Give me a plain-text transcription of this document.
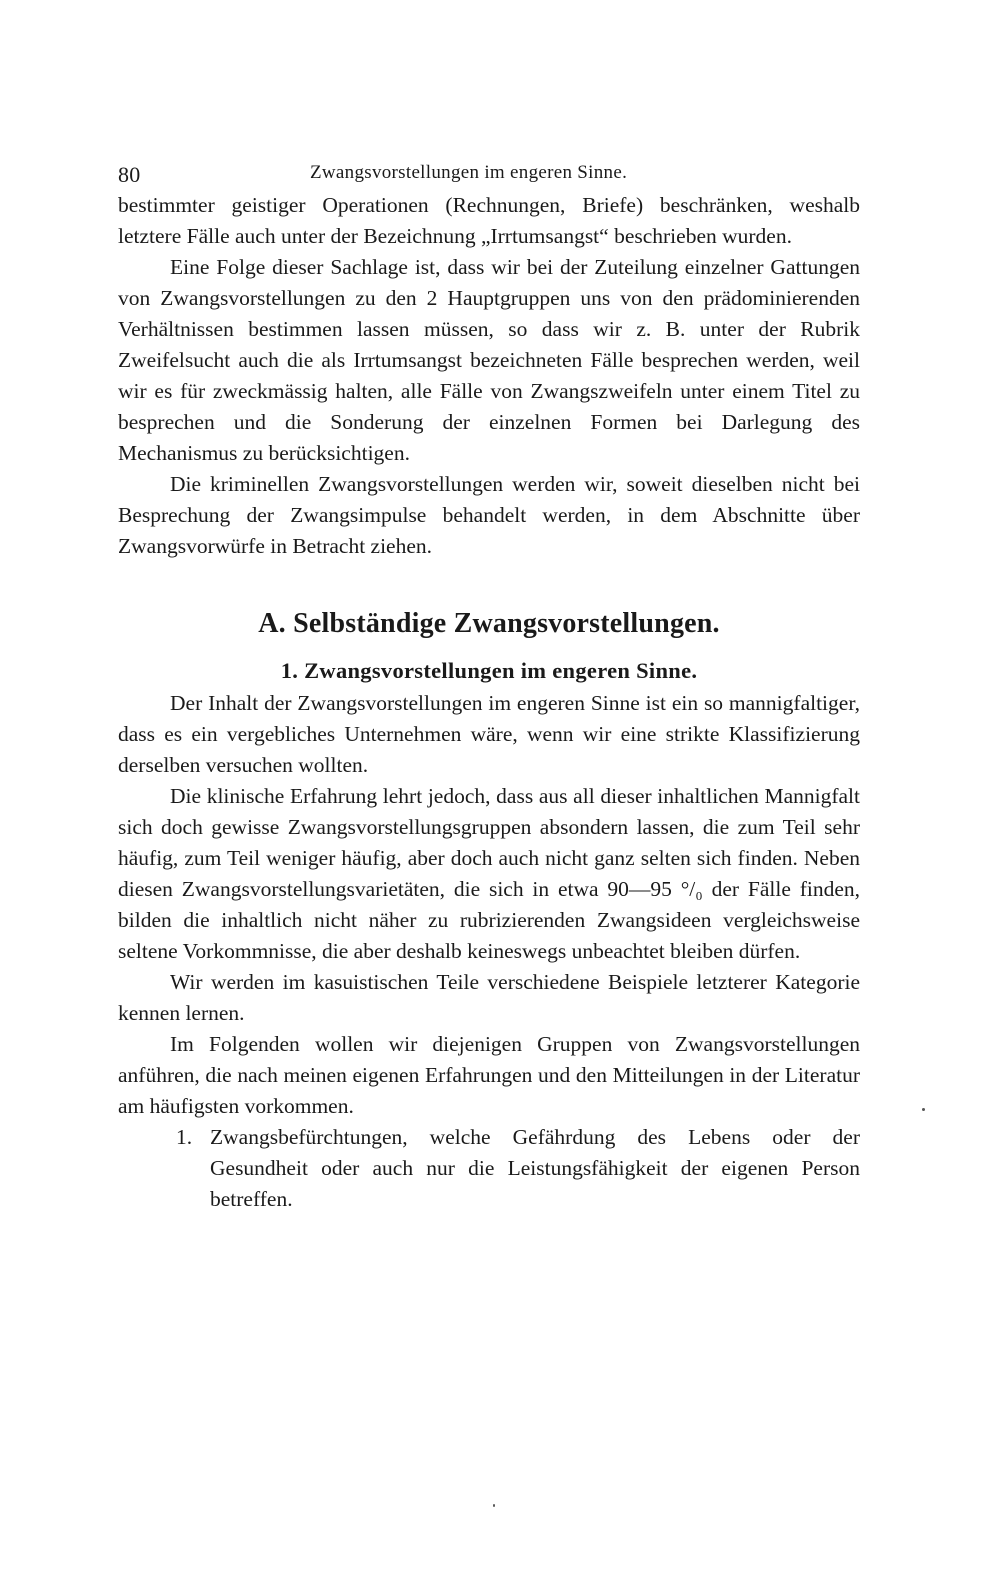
80	Zwangsvorstellungen im engeren Sinne.

bestimmter geistiger Operationen (Rechnungen, Briefe) beschränken, weshalb letztere Fälle auch unter der Bezeichnung „Irrtumsangst“ beschrieben wurden.

Eine Folge dieser Sachlage ist, dass wir bei der Zuteilung einzelner Gattungen von Zwangsvorstellungen zu den 2 Hauptgruppen uns von den prädominierenden Verhältnissen bestimmen lassen müssen, so dass wir z. B. unter der Rubrik Zweifelsucht auch die als Irrtumsangst bezeichneten Fälle besprechen werden, weil wir es für zweckmässig halten, alle Fälle von Zwangszweifeln unter einem Titel zu besprechen und die Sonderung der einzelnen Formen bei Darlegung des Mechanismus zu berücksichtigen.

Die kriminellen Zwangsvorstellungen werden wir, soweit dieselben nicht bei Besprechung der Zwangsimpulse behandelt werden, in dem Abschnitte über Zwangsvorwürfe in Betracht ziehen.

A. Selbständige Zwangsvorstellungen.
1. Zwangsvorstellungen im engeren Sinne.

Der Inhalt der Zwangsvorstellungen im engeren Sinne ist ein so mannigfaltiger, dass es ein vergebliches Unternehmen wäre, wenn wir eine strikte Klassifizierung derselben versuchen wollten.

Die klinische Erfahrung lehrt jedoch, dass aus all dieser inhaltlichen Mannigfalt sich doch gewisse Zwangsvorstellungsgruppen absondern lassen, die zum Teil sehr häufig, zum Teil weniger häufig, aber doch auch nicht ganz selten sich finden. Neben diesen Zwangsvorstellungsvarietäten, die sich in etwa 90—95 °/₀ der Fälle finden, bilden die inhaltlich nicht näher zu rubrizierenden Zwangsideen vergleichsweise seltene Vorkommnisse, die aber deshalb keineswegs unbeachtet bleiben dürfen.

Wir werden im kasuistischen Teile verschiedene Beispiele letzterer Kategorie kennen lernen.

Im Folgenden wollen wir diejenigen Gruppen von Zwangsvorstellungen anführen, die nach meinen eigenen Erfahrungen und den Mitteilungen in der Literatur am häufigsten vorkommen.

1. Zwangsbefürchtungen, welche Gefährdung des Lebens oder der Gesundheit oder auch nur die Leistungsfähigkeit der eigenen Person betreffen.
